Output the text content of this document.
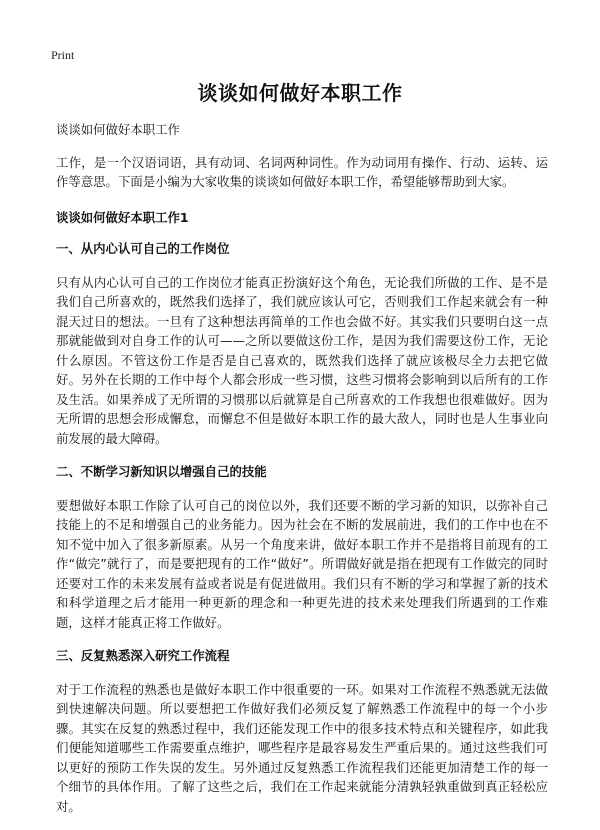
Print
谈谈如何做好本职工作

谈谈如何做好本职工作

工作，是一个汉语词语，具有动词、名词两种词性。作为动词用有操作、行动、运转、运作等意思。下面是小编为大家收集的谈谈如何做好本职工作，希望能够帮助到大家。

谈谈如何做好本职工作1

一、从内心认可自己的工作岗位

只有从内心认可自己的工作岗位才能真正扮演好这个角色，无论我们所做的工作、是不是我们自己所喜欢的，既然我们选择了，我们就应该认可它，否则我们工作起来就会有一种混天过日的想法。一旦有了这种想法再简单的工作也会做不好。其实我们只要明白这一点那就能做到对自身工作的认可——之所以要做这份工作，是因为我们需要这份工作，无论什么原因。不管这份工作是否是自己喜欢的，既然我们选择了就应该极尽全力去把它做好。另外在长期的工作中每个人都会形成一些习惯，这些习惯将会影响到以后所有的工作及生活。如果养成了无所谓的习惯那以后就算是自己所喜欢的工作我想也很难做好。因为无所谓的思想会形成懈怠，而懈怠不但是做好本职工作的最大敌人，同时也是人生事业向前发展的最大障碍。

二、不断学习新知识以增强自己的技能

要想做好本职工作除了认可自己的岗位以外，我们还要不断的学习新的知识，以弥补自己技能上的不足和增强自己的业务能力。因为社会在不断的发展前进，我们的工作中也在不知不觉中加入了很多新原素。从另一个角度来讲，做好本职工作并不是指将目前现有的工作“做完”就行了，而是要把现有的工作“做好”。所谓做好就是指在把现有工作做完的同时还要对工作的未来发展有益或者说是有促进做用。我们只有不断的学习和掌握了新的技术和科学道理之后才能用一种更新的理念和一种更先进的技术来处理我们所遇到的工作难题，这样才能真正将工作做好。

三、反复熟悉深入研究工作流程

对于工作流程的熟悉也是做好本职工作中很重要的一环。如果对工作流程不熟悉就无法做到快速解决问题。所以要想把工作做好我们必须反复了解熟悉工作流程中的每一个小步骤。其实在反复的熟悉过程中，我们还能发现工作中的很多技术特点和关键程序，如此我们便能知道哪些工作需要重点维护，哪些程序是最容易发生严重后果的。通过这些我们可以更好的预防工作失误的发生。另外通过反复熟悉工作流程我们还能更加清楚工作的每一个细节的具体作用。了解了这些之后，我们在工作起来就能分清孰轻孰重做到真正轻松应对。
